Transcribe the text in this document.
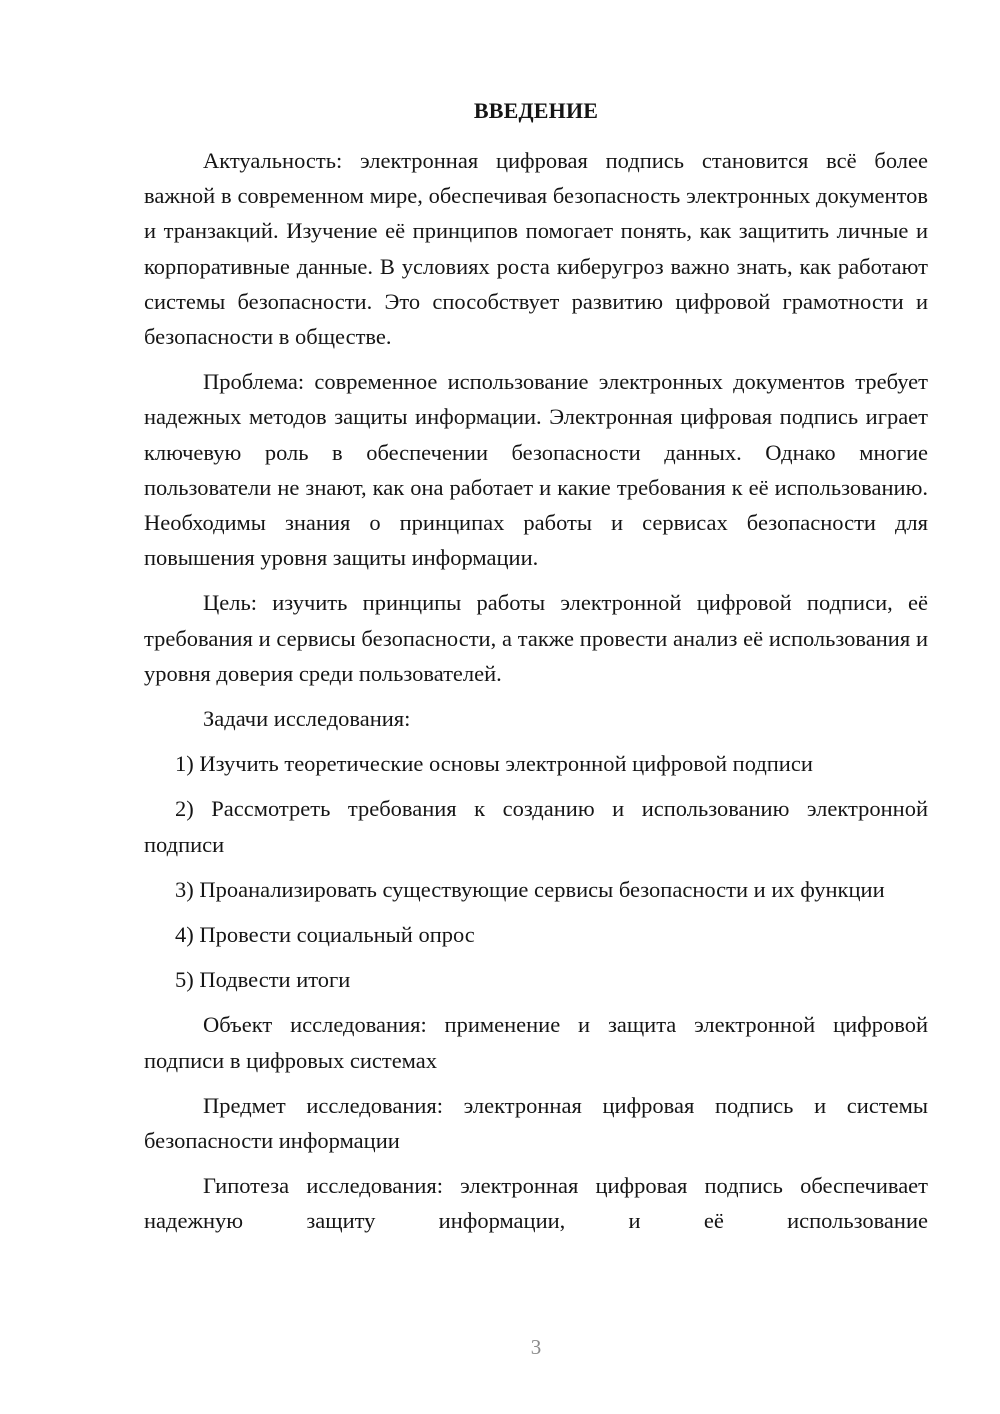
ВВЕДЕНИЕ

Актуальность: электронная цифровая подпись становится всё более важной в современном мире, обеспечивая безопасность электронных документов и транзакций. Изучение её принципов помогает понять, как защитить личные и корпоративные данные. В условиях роста киберугроз важно знать, как работают системы безопасности. Это способствует развитию цифровой грамотности и безопасности в обществе.

Проблема: современное использование электронных документов требует надежных методов защиты информации. Электронная цифровая подпись играет ключевую роль в обеспечении безопасности данных. Однако многие пользователи не знают, как она работает и какие требования к её использованию. Необходимы знания о принципах работы и сервисах безопасности для повышения уровня защиты информации.

Цель: изучить принципы работы электронной цифровой подписи, её требования и сервисы безопасности, а также провести анализ её использования и уровня доверия среди пользователей.

Задачи исследования:

1) Изучить теоретические основы электронной цифровой подписи

2) Рассмотреть требования к созданию и использованию электронной подписи

3) Проанализировать существующие сервисы безопасности и их функции

4) Провести социальный опрос

5) Подвести итоги

Объект исследования: применение и защита электронной цифровой подписи в цифровых системах

Предмет исследования: электронная цифровая подпись и системы безопасности информации

Гипотеза исследования: электронная цифровая подпись обеспечивает надежную защиту информации, и её использование

3
